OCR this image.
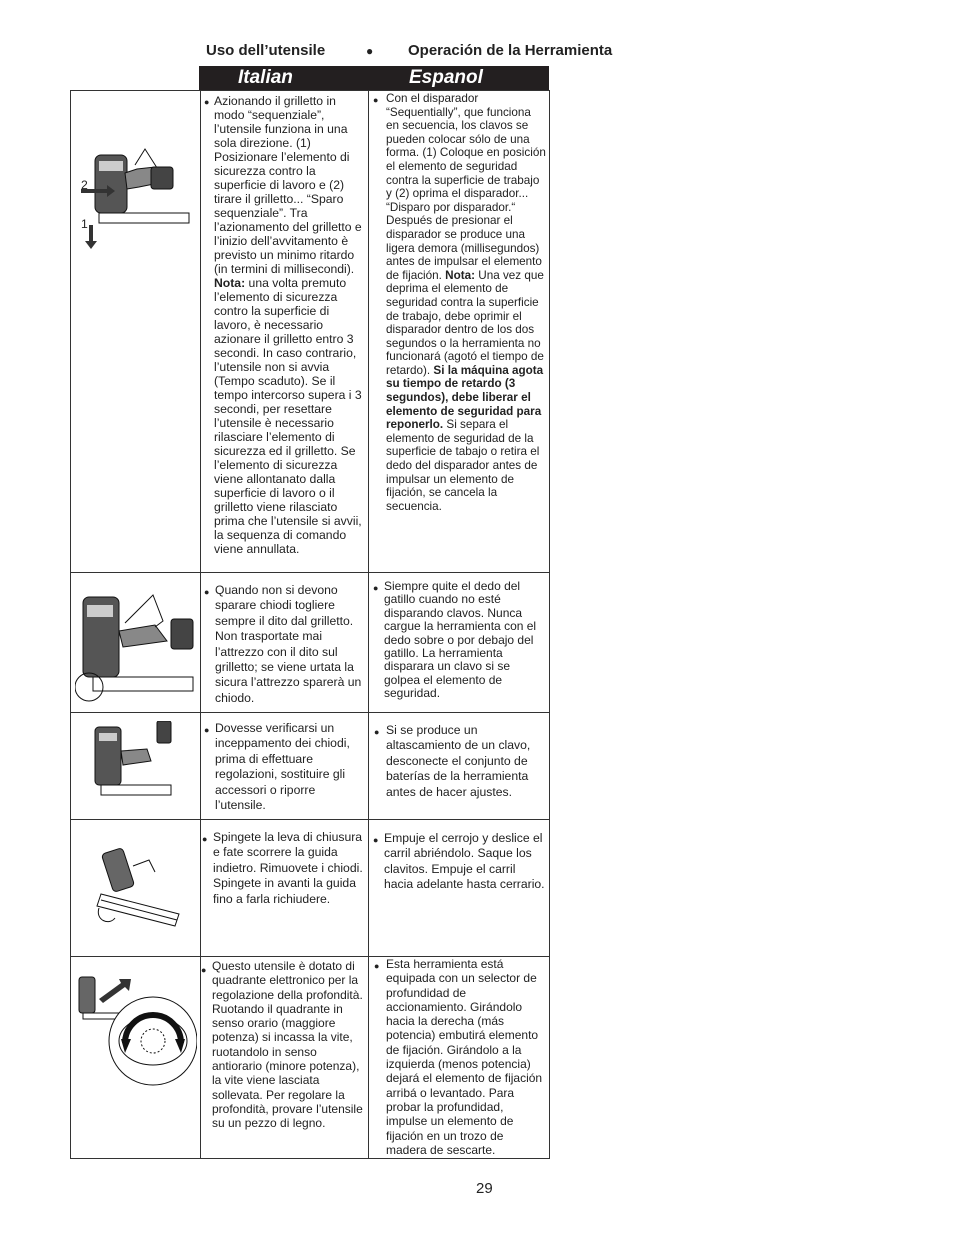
Uso dell’utensile	● Operación de la Herramienta
Italian	Espanol
2
1
● Azionando il grilletto in modo “sequenziale”, l’utensile funziona in una sola direzione. (1) Posizionare l’elemento di sicurezza contro la superficie di lavoro e (2) tirare il grilletto... “Sparo sequenziale”. Tra l’azionamento del grilletto e l’inizio dell’avvitamento è previsto un minimo ritardo (in termini di millisecondi). Nota: una volta premuto l’elemento di sicurezza contro la superficie di lavoro, è necessario azionare il grilletto entro 3 secondi. In caso contrario, l’utensile non si avvia (Tempo scaduto). Se il tempo intercorso supera i 3 secondi, per resettare l’utensile è necessario rilasciare l’elemento di sicurezza ed il grilletto. Se l’elemento di sicurezza viene allontanato dalla superficie di lavoro o il grilletto viene rilasciato prima che l’utensile si avvii, la sequenza di comando viene annullata.
● Con el disparador “Sequentially”, que funciona en secuencia, los clavos se pueden colocar sólo de una forma. (1) Coloque en posición el elemento de seguridad contra la superficie de trabajo y (2) oprima el disparador... “Disparo por disparador.“ Después de presionar el disparador se produce una ligera demora (millisegundos) antes de impulsar el elemento de fijación. Nota: Una vez que deprima el elemento de seguridad contra la superficie de trabajo, debe oprimir el disparador dentro de los dos segundos o la herramienta no funcionará (agotó el tiempo de retardo). Si la máquina agota su tiempo de retardo (3 segundos), debe liberar el elemento de seguridad para reponerlo. Si separa el elemento de seguridad de la superficie de tabajo o retira el dedo del disparador antes de impulsar un elemento de fijación, se cancela la secuencia.
● Quando non si devono sparare chiodi togliere sempre il dito dal grilletto. Non trasportate mai l’attrezzo con il dito sul grilletto; se viene urtata la sicura l’attrezzo sparerà un chiodo.
● Siempre quite el dedo del gatillo cuando no esté disparando clavos. Nunca cargue la herramienta con el dedo sobre o por debajo del gatillo. La herramienta disparara un clavo si se golpea el elemento de seguridad.
● Dovesse verificarsi un inceppamento dei chiodi, prima di effettuare regolazioni, sostituire gli accessori o riporre l’utensile.
● Si se produce un altascamiento de un clavo, desconecte el conjunto de baterías de la herramienta antes de hacer ajustes.
● Spingete la leva di chiusura e fate scorrere la guida indietro. Rimuovete i chiodi. Spingete in avanti la guida fino a farla richiudere.
● Empuje el cerrojo y deslice el carril abriéndolo. Saque los clavitos. Empuje el carril hacia adelante hasta cerrario.
● Questo utensile è dotato di quadrante elettronico per la regolazione della profondità. Ruotando il quadrante in senso orario (maggiore potenza) si incassa la vite, ruotandolo in senso antiorario (minore potenza), la vite viene lasciata sollevata. Per regolare la profondità, provare l’utensile su un pezzo di legno.
● Esta herramienta está equipada con un selector de profundidad de accionamiento. Girándolo hacia la derecha (más potencia) embutirá elemento de fijación. Girándolo a la izquierda (menos potencia) dejará el elemento de fijación arribá o levantado. Para probar la profundidad, impulse un elemento de fijación en un trozo de madera de sescarte.
29
